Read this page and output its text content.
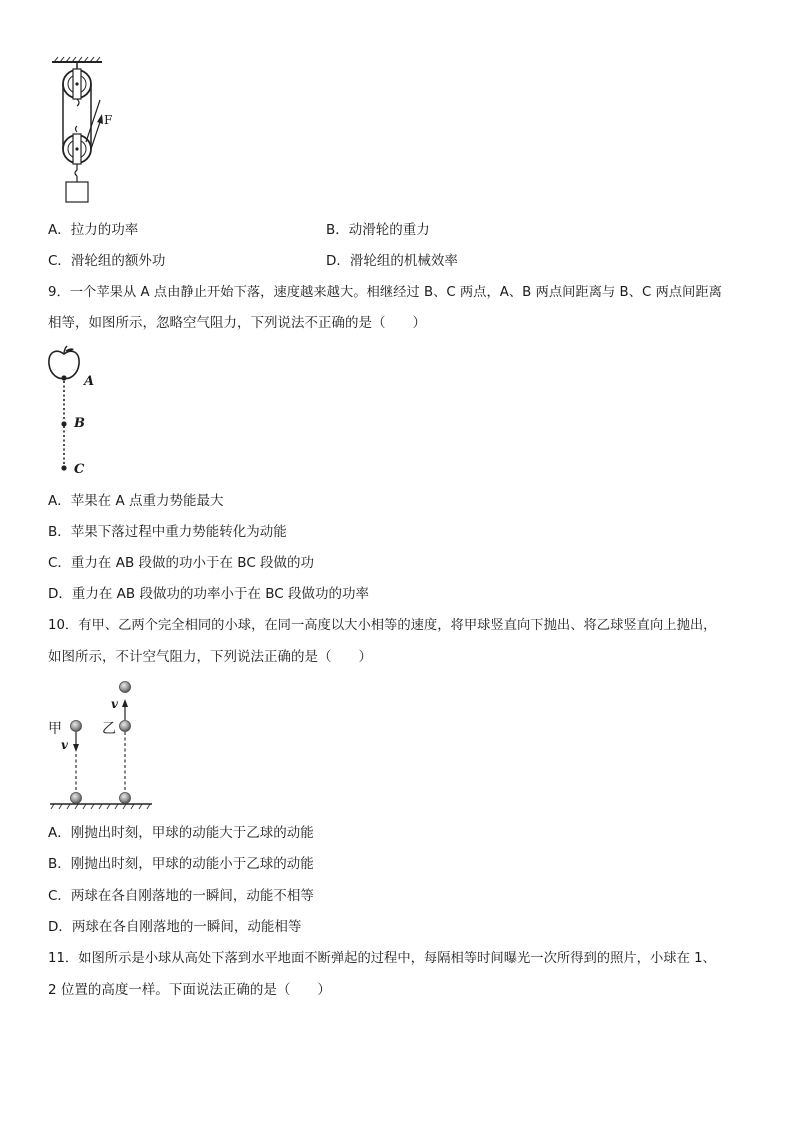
F
A．拉力的功率	B．动滑轮的重力
C．滑轮组的额外功	D．滑轮组的机械效率
9．一个苹果从 A 点由静止开始下落，速度越来越大。相继经过 B、C 两点，A、B 两点间距离与 B、C 两点间距离
相等，如图所示，忽略空气阻力，下列说法不正确的是（　　）
A
B
C
A．苹果在 A 点重力势能最大
B．苹果下落过程中重力势能转化为动能
C．重力在 AB 段做的功小于在 BC 段做的功
D．重力在 AB 段做功的功率小于在 BC 段做功的功率
10．有甲、乙两个完全相同的小球，在同一高度以大小相等的速度，将甲球竖直向下抛出、将乙球竖直向上抛出，
如图所示，不计空气阻力，下列说法正确的是（　　）
甲	乙
v
v
A．刚抛出时刻，甲球的动能大于乙球的动能
B．刚抛出时刻，甲球的动能小于乙球的动能
C．两球在各自刚落地的一瞬间，动能不相等
D．两球在各自刚落地的一瞬间，动能相等
11．如图所示是小球从高处下落到水平地面不断弹起的过程中，每隔相等时间曝光一次所得到的照片，小球在 1、
2 位置的高度一样。下面说法正确的是（　　）
